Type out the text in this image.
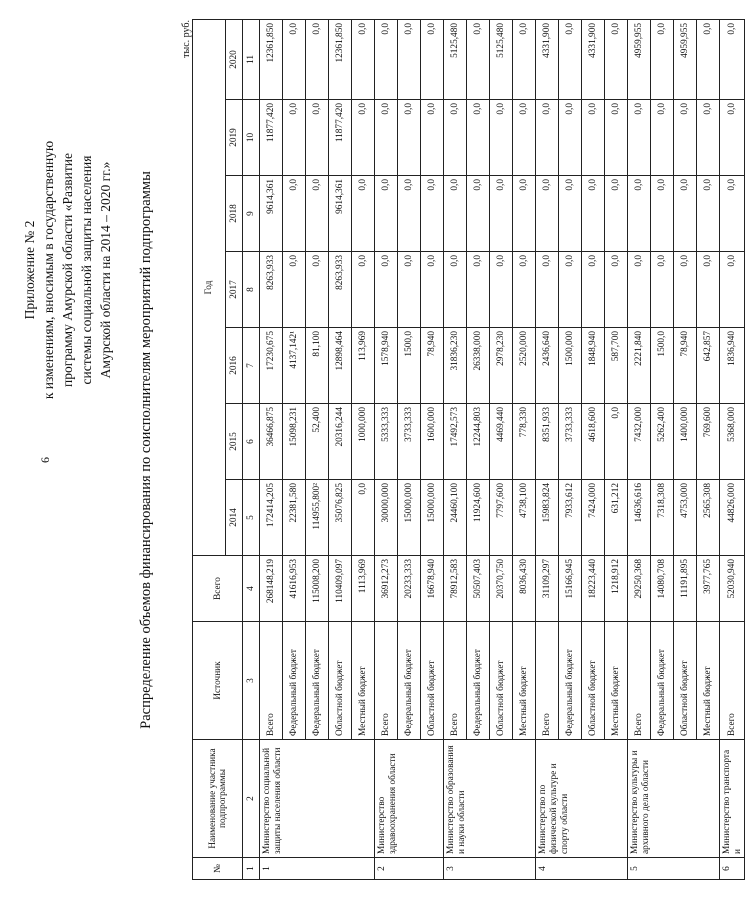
6
Приложение № 2 к изменениям, вносимым в государственную программу Амурской области «Развитие системы социальной защиты населения Амурской области на 2014 – 2020 гг.» Распределение объемов финансирования по соисполнителям мероприятий подпрограммы
тыс. руб.
№	Наименование участника подпрограммы	Источник	Всего	Год						
				2014	2015	2016	2017	2018	2019	2020
1	2	3	4	5	6	7	8	9	10	11
1	Министерство социальной защиты населения области	Всего	268148,219	172414,205	36466,875	17230,675	8263,933	9614,361	11877,420	12361,850
		Федеральный бюджет	41616,953	22381,580	15098,231	4137,142¹	0,0	0,0	0,0	0,0
		Федеральный бюджет	115008,200	114955,800²	52,400	81,100	0,0	0,0	0,0	0,0
		Областной бюджет	110409,097	35076,825	20316,244	12898,464	8263,933	9614,361	11877,420	12361,850
		Местный бюджет	1113,969	0,0	1000,000	113,969	0,0	0,0	0,0	0,0
2	Министерство здравоохранения области	Всего	36912,273	30000,000	5333,333	1578,940	0,0	0,0	0,0	0,0
		Федеральный бюджет	20233,333	15000,000	3733,333	1500,0	0,0	0,0	0,0	0,0
		Областной бюджет	16678,940	15000,000	1600,000	78,940	0,0	0,0	0,0	0,0
3	Министерство образования и науки области	Всего	78912,583	24460,100	17492,573	31836,230	0,0	0,0	0,0	5125,480
		Федеральный бюджет	50507,403	11924,600	12244,803	26338,000	0,0	0,0	0,0	0,0
		Областной бюджет	20370,750	7797,600	4469,440	2978,230	0,0	0,0	0,0	5125,480
		Местный бюджет	8036,430	4738,100	778,330	2520,000	0,0	0,0	0,0	0,0
4	Министерство по физической культуре и спорту области	Всего	31109,297	15983,824	8351,933	2436,640	0,0	0,0	0,0	4331,900
		Федеральный бюджет	15166,945	7933,612	3733,333	1500,000	0,0	0,0	0,0	0,0
		Областной бюджет	18223,440	7424,000	4618,600	1848,940	0,0	0,0	0,0	4331,900
		Местный бюджет	1218,912	631,212	0,0	587,700	0,0	0,0	0,0	0,0
5	Министерство культуры и архивного дела области	Всего	29250,368	14636,616	7432,000	2221,840	0,0	0,0	0,0	4959,955
		Федеральный бюджет	14080,708	7318,308	5262,400	1500,0	0,0	0,0	0,0	0,0
		Областной бюджет	11191,895	4753,000	1400,000	78,940	0,0	0,0	0,0	4959,955
		Местный бюджет	3977,765	2565,308	769,600	642,857	0,0	0,0	0,0	0,0
6	Министерство транспорта и	Всего	52030,940	44826,000	5368,000	1836,940	0,0	0,0	0,0	0,0
